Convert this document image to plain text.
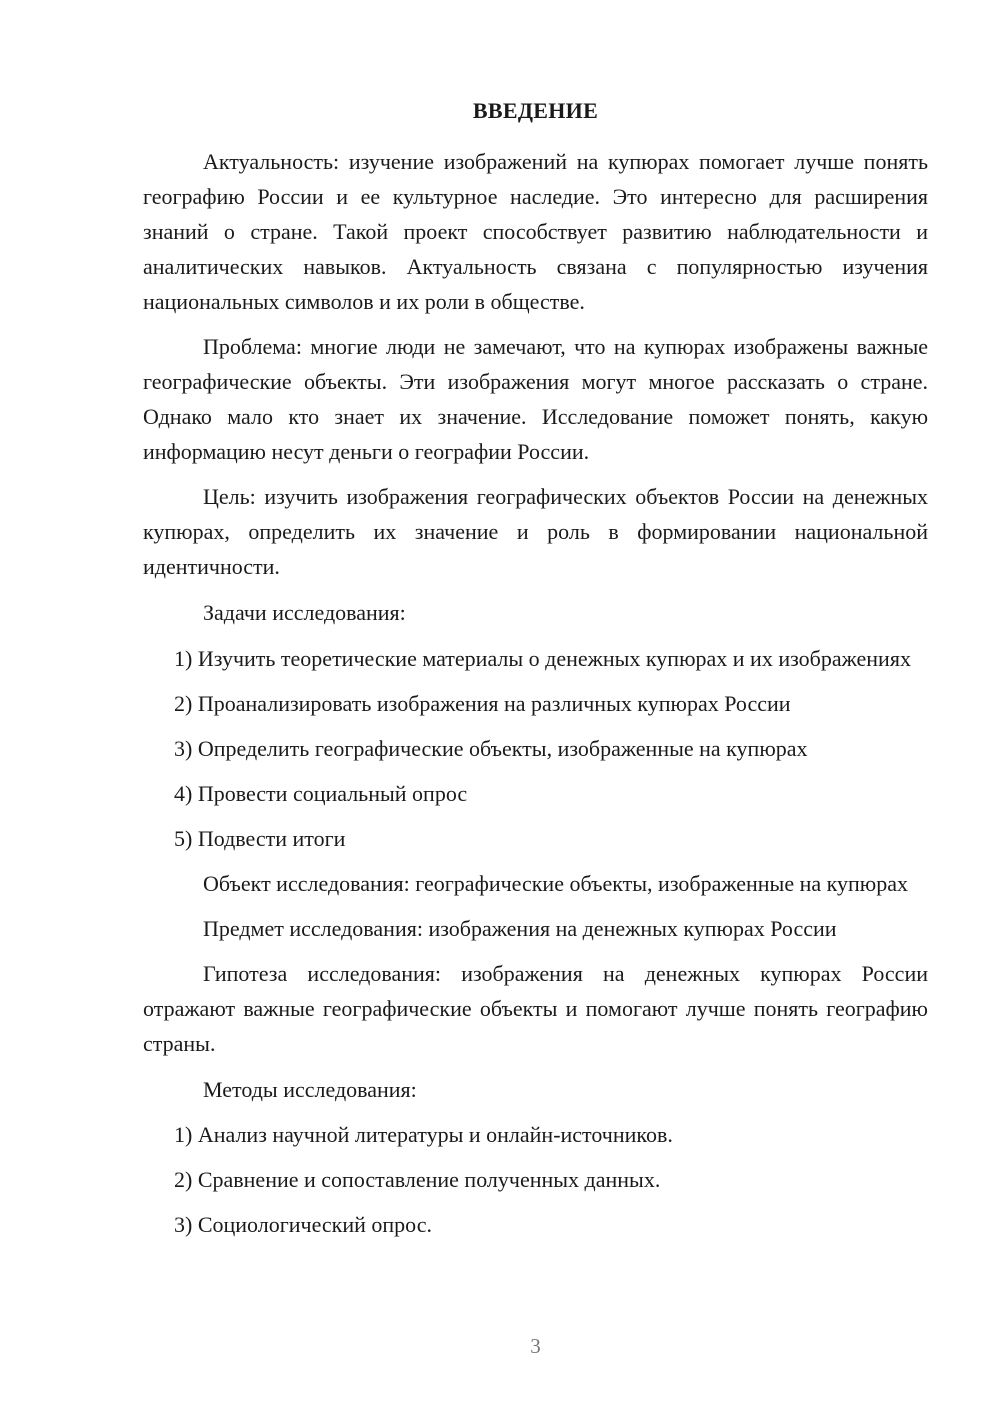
ВВЕДЕНИЕ

Актуальность: изучение изображений на купюрах помогает лучше понять географию России и ее культурное наследие. Это интересно для расширения знаний о стране. Такой проект способствует развитию наблюдательности и аналитических навыков. Актуальность связана с популярностью изучения национальных символов и их роли в обществе.

Проблема: многие люди не замечают, что на купюрах изображены важные географические объекты. Эти изображения могут многое рассказать о стране. Однако мало кто знает их значение. Исследование поможет понять, какую информацию несут деньги о географии России.

Цель: изучить изображения географических объектов России на денежных купюрах, определить их значение и роль в формировании национальной идентичности.

Задачи исследования:

1) Изучить теоретические материалы о денежных купюрах и их изображениях

2) Проанализировать изображения на различных купюрах России

3) Определить географические объекты, изображенные на купюрах

4) Провести социальный опрос

5) Подвести итоги

Объект исследования: географические объекты, изображенные на купюрах

Предмет исследования: изображения на денежных купюрах России

Гипотеза исследования: изображения на денежных купюрах России отражают важные географические объекты и помогают лучше понять географию страны.

Методы исследования:

1) Анализ научной литературы и онлайн-источников.

2) Сравнение и сопоставление полученных данных.

3) Социологический опрос.

3
